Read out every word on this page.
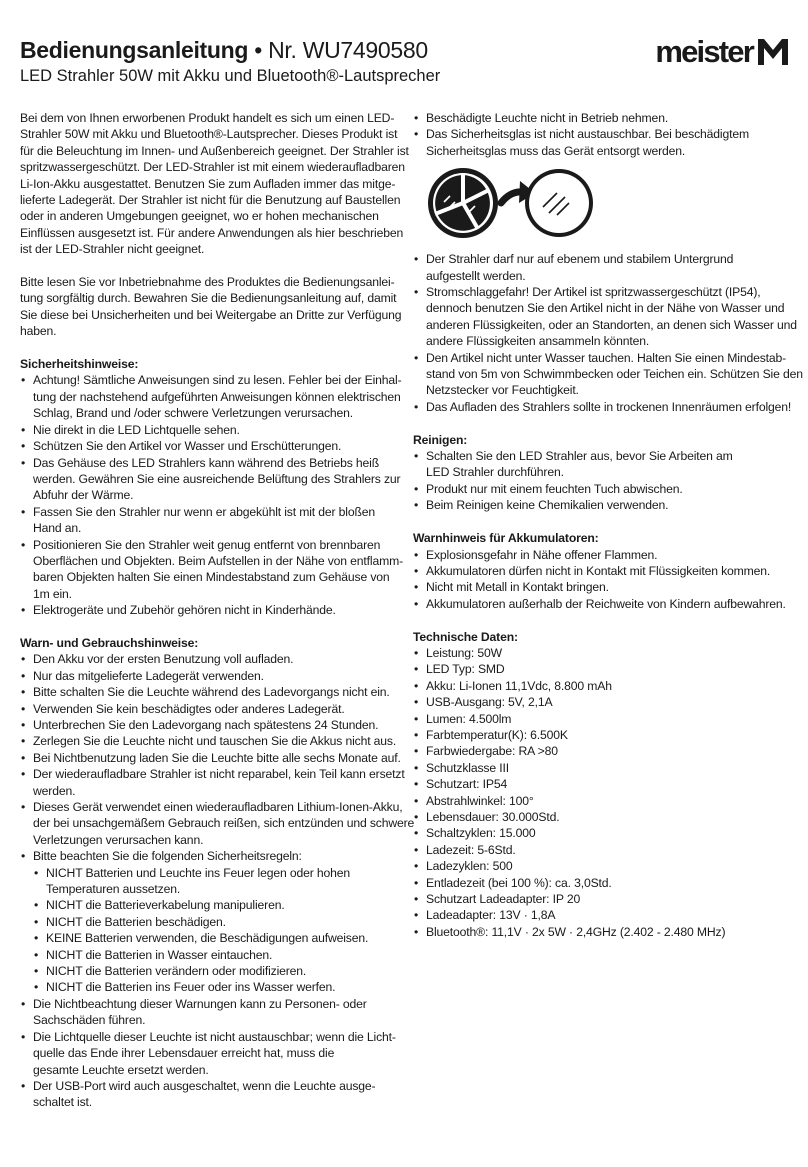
Bedienungsanleitung • Nr. WU7490580
LED Strahler 50W mit Akku und Bluetooth®-Lautsprecher
meister
Bei dem von Ihnen erworbenen Produkt handelt es sich um einen LED-
Strahler 50W mit Akku und Bluetooth®-Lautsprecher. Dieses Produkt ist
für die Beleuchtung im Innen- und Außenbereich geeignet. Der Strahler ist
spritzwassergeschützt. Der LED-Strahler ist mit einem wiederaufladbaren
Li-Ion-Akku ausgestattet. Benutzen Sie zum Aufladen immer das mitge-
lieferte Ladegerät. Der Strahler ist nicht für die Benutzung auf Baustellen
oder in anderen Umgebungen geeignet, wo er hohen mechanischen
Einflüssen ausgesetzt ist. Für andere Anwendungen als hier beschrieben
ist der LED-Strahler nicht geeignet.
Bitte lesen Sie vor Inbetriebnahme des Produktes die Bedienungsanlei-
tung sorgfältig durch. Bewahren Sie die Bedienungsanleitung auf, damit
Sie diese bei Unsicherheiten und bei Weitergabe an Dritte zur Verfügung
haben.
Sicherheitshinweise:
• Achtung! Sämtliche Anweisungen sind zu lesen. Fehler bei der Einhal-
tung der nachstehend aufgeführten Anweisungen können elektrischen
Schlag, Brand und /oder schwere Verletzungen verursachen.
• Nie direkt in die LED Lichtquelle sehen.
• Schützen Sie den Artikel vor Wasser und Erschütterungen.
• Das Gehäuse des LED Strahlers kann während des Betriebs heiß
werden. Gewähren Sie eine ausreichende Belüftung des Strahlers zur
Abfuhr der Wärme.
• Fassen Sie den Strahler nur wenn er abgekühlt ist mit der bloßen
Hand an.
• Positionieren Sie den Strahler weit genug entfernt von brennbaren
Oberflächen und Objekten. Beim Aufstellen in der Nähe von entflamm-
baren Objekten halten Sie einen Mindestabstand zum Gehäuse von
1m ein.
• Elektrogeräte und Zubehör gehören nicht in Kinderhände.
Warn- und Gebrauchshinweise:
• Den Akku vor der ersten Benutzung voll aufladen.
• Nur das mitgelieferte Ladegerät verwenden.
• Bitte schalten Sie die Leuchte während des Ladevorgangs nicht ein.
• Verwenden Sie kein beschädigtes oder anderes Ladegerät.
• Unterbrechen Sie den Ladevorgang nach spätestens 24 Stunden.
• Zerlegen Sie die Leuchte nicht und tauschen Sie die Akkus nicht aus.
• Bei Nichtbenutzung laden Sie die Leuchte bitte alle sechs Monate auf.
• Der wiederaufladbare Strahler ist nicht reparabel, kein Teil kann ersetzt
werden.
• Dieses Gerät verwendet einen wiederaufladbaren Lithium-Ionen-Akku,
der bei unsachgemäßem Gebrauch reißen, sich entzünden und schwere
Verletzungen verursachen kann.
• Bitte beachten Sie die folgenden Sicherheitsregeln:
• NICHT Batterien und Leuchte ins Feuer legen oder hohen
Temperaturen aussetzen.
• NICHT die Batterieverkabelung manipulieren.
• NICHT die Batterien beschädigen.
• KEINE Batterien verwenden, die Beschädigungen aufweisen.
• NICHT die Batterien in Wasser eintauchen.
• NICHT die Batterien verändern oder modifizieren.
• NICHT die Batterien ins Feuer oder ins Wasser werfen.
• Die Nichtbeachtung dieser Warnungen kann zu Personen- oder
Sachschäden führen.
• Die Lichtquelle dieser Leuchte ist nicht austauschbar; wenn die Licht-
quelle das Ende ihrer Lebensdauer erreicht hat, muss die
gesamte Leuchte ersetzt werden.
• Der USB-Port wird auch ausgeschaltet, wenn die Leuchte ausge-
schaltet ist.
• Beschädigte Leuchte nicht in Betrieb nehmen.
• Das Sicherheitsglas ist nicht austauschbar. Bei beschädigtem
Sicherheitsglas muss das Gerät entsorgt werden.
• Der Strahler darf nur auf ebenem und stabilem Untergrund
aufgestellt werden.
• Stromschlaggefahr! Der Artikel ist spritzwassergeschützt (IP54),
dennoch benutzen Sie den Artikel nicht in der Nähe von Wasser und
anderen Flüssigkeiten, oder an Standorten, an denen sich Wasser und
andere Flüssigkeiten ansammeln könnten.
• Den Artikel nicht unter Wasser tauchen. Halten Sie einen Mindestab-
stand von 5m von Schwimmbecken oder Teichen ein. Schützen Sie den
Netzstecker vor Feuchtigkeit.
• Das Aufladen des Strahlers sollte in trockenen Innenräumen erfolgen!
Reinigen:
• Schalten Sie den LED Strahler aus, bevor Sie Arbeiten am
LED Strahler durchführen.
• Produkt nur mit einem feuchten Tuch abwischen.
• Beim Reinigen keine Chemikalien verwenden.
Warnhinweis für Akkumulatoren:
• Explosionsgefahr in Nähe offener Flammen.
• Akkumulatoren dürfen nicht in Kontakt mit Flüssigkeiten kommen.
• Nicht mit Metall in Kontakt bringen.
• Akkumulatoren außerhalb der Reichweite von Kindern aufbewahren.
Technische Daten:
• Leistung: 50W
• LED Typ: SMD
• Akku: Li-Ionen 11,1Vdc, 8.800 mAh
• USB-Ausgang: 5V, 2,1A
• Lumen: 4.500lm
• Farbtemperatur(K): 6.500K
• Farbwiedergabe: RA >80
• Schutzklasse III
• Schutzart: IP54
• Abstrahlwinkel: 100°
• Lebensdauer: 30.000Std.
• Schaltzyklen: 15.000
• Ladezeit: 5-6Std.
• Ladezyklen: 500
• Entladezeit (bei 100 %): ca. 3,0Std.
• Schutzart Ladeadapter: IP 20
• Ladeadapter: 13V · 1,8A
• Bluetooth®: 11,1V · 2x 5W · 2,4GHz (2.402 - 2.480 MHz)
